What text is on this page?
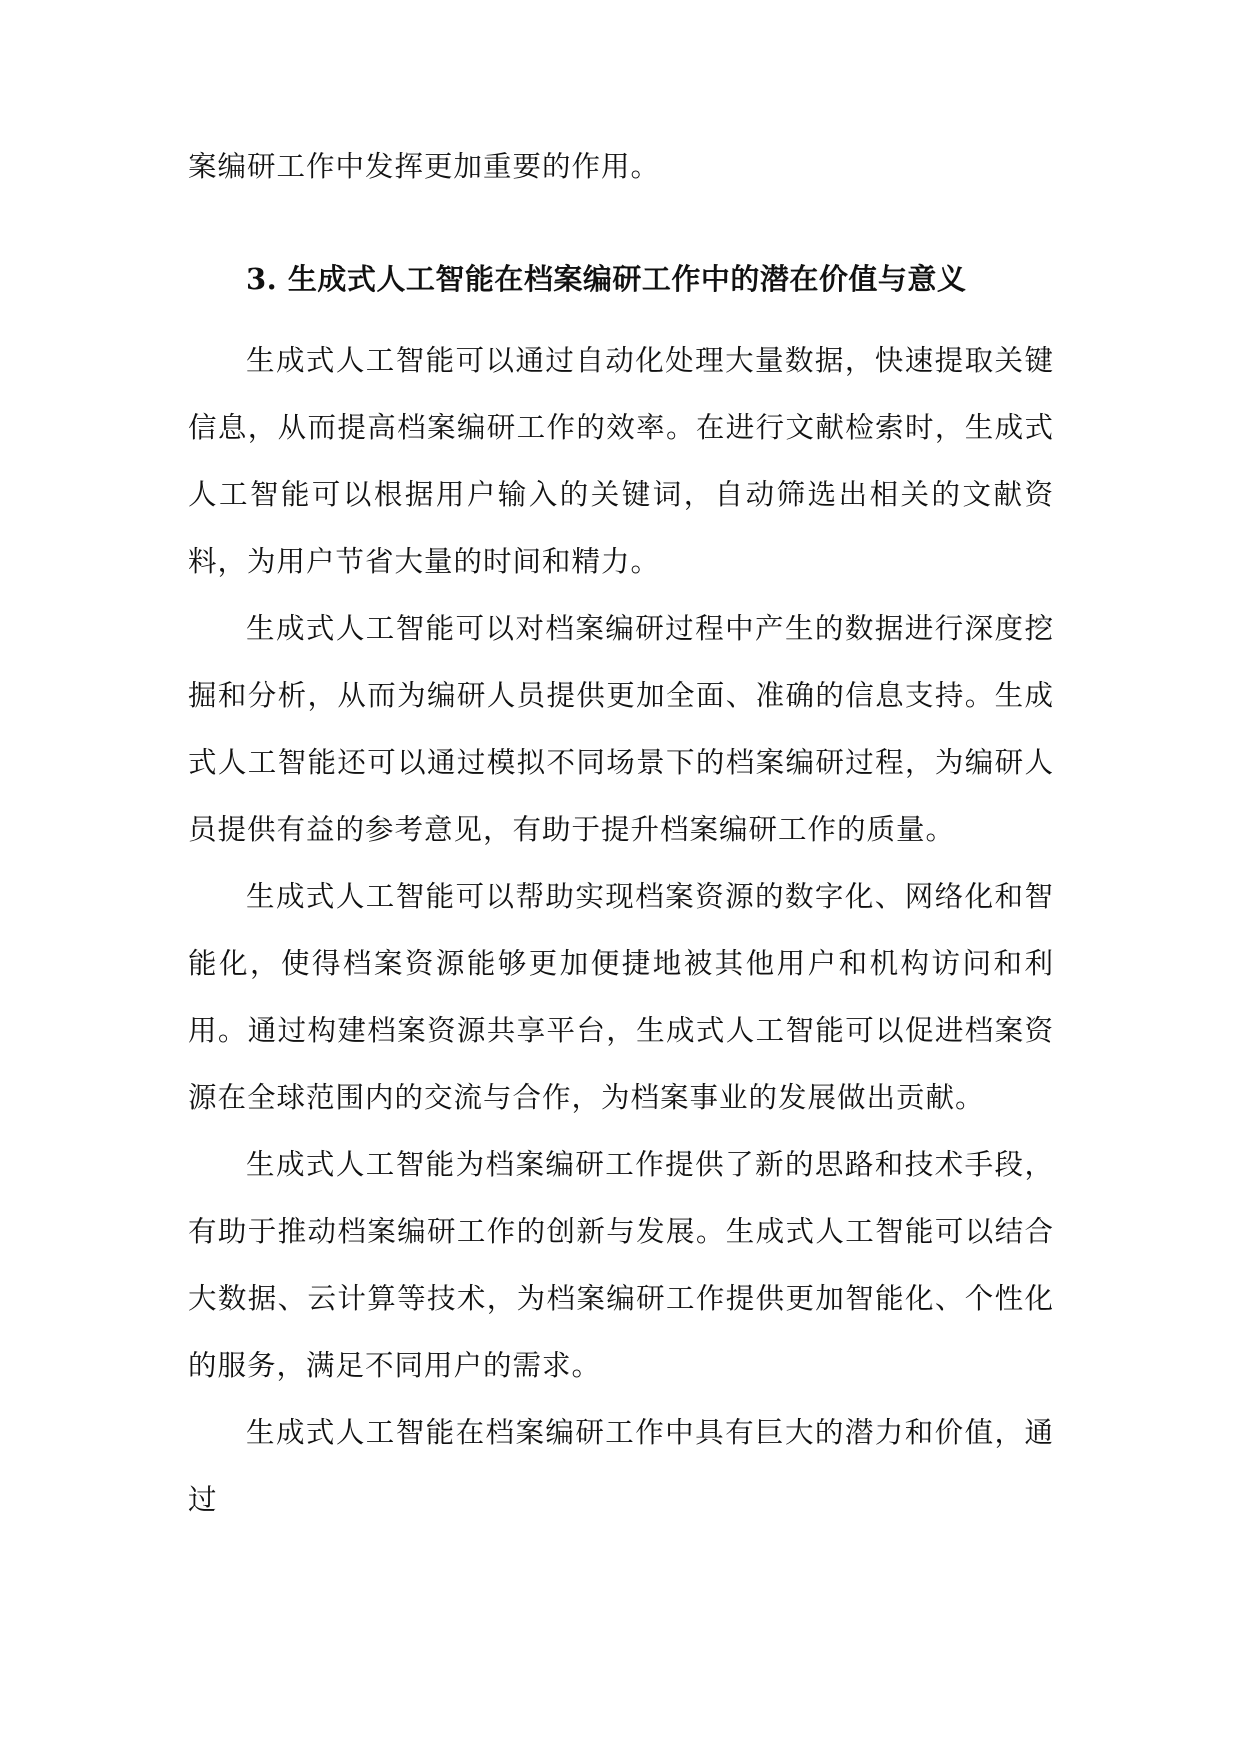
案编研工作中发挥更加重要的作用。

3. 生成式人工智能在档案编研工作中的潜在价值与意义

生成式人工智能可以通过自动化处理大量数据，快速提取关键信息，从而提高档案编研工作的效率。在进行文献检索时，生成式人工智能可以根据用户输入的关键词，自动筛选出相关的文献资料，为用户节省大量的时间和精力。

生成式人工智能可以对档案编研过程中产生的数据进行深度挖掘和分析，从而为编研人员提供更加全面、准确的信息支持。生成式人工智能还可以通过模拟不同场景下的档案编研过程，为编研人员提供有益的参考意见，有助于提升档案编研工作的质量。

生成式人工智能可以帮助实现档案资源的数字化、网络化和智能化，使得档案资源能够更加便捷地被其他用户和机构访问和利用。通过构建档案资源共享平台，生成式人工智能可以促进档案资源在全球范围内的交流与合作，为档案事业的发展做出贡献。

生成式人工智能为档案编研工作提供了新的思路和技术手段，有助于推动档案编研工作的创新与发展。生成式人工智能可以结合大数据、云计算等技术，为档案编研工作提供更加智能化、个性化的服务，满足不同用户的需求。

生成式人工智能在档案编研工作中具有巨大的潜力和价值，通过
